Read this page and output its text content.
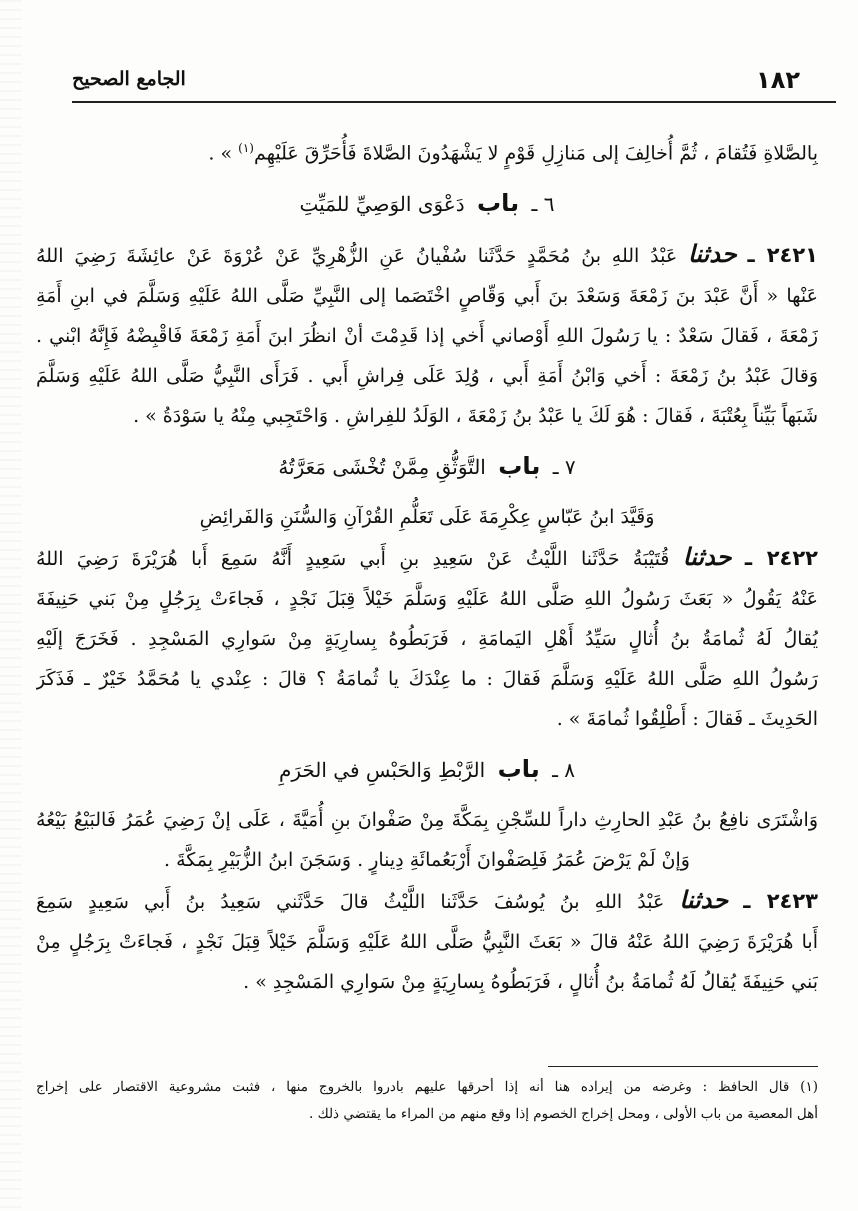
١٨٢
الجامع الصحيح
بِالصَّلاةِ فَتُقامَ ، ثُمَّ أُخالِفَ إلى مَنازِلِ قَوْمٍ لا يَشْهَدُونَ الصَّلاةَ فَأُحَرِّقَ عَلَيْهِم$^{(١)}$ » .
٦ ـ باب دَعْوَى الوَصِيِّ للمَيِّتِ
٢٤٢١ ـ حدثنا عَبْدُ اللهِ بنُ مُحَمَّدٍ حَدَّثَنا سُفْيانُ عَنِ الزُّهْرِيِّ عَنْ عُرْوَةَ عَنْ عائِشَةَ رَضِيَ اللهُ
عَنْها « أَنَّ عَبْدَ بنَ زَمْعَةَ وَسَعْدَ بنَ أَبي وَقّاصٍ اخْتَصَما إلى النَّبِيِّ صَلَّى اللهُ عَلَيْهِ وَسَلَّمَ في ابنِ أَمَةِ
زَمْعَةَ ، فَقالَ سَعْدٌ : يا رَسُولَ اللهِ أَوْصاني أَخي إذا قَدِمْتَ أنْ انظُرَ ابنَ أَمَةِ زَمْعَةَ فَاقْبِضْهُ فَإِنَّهُ ابْني .
وَقالَ عَبْدُ بنُ زَمْعَةَ : أَخي وَابْنُ أَمَةِ أَبي ، وُلِدَ عَلَى فِراشِ أَبي . فَرَأَى النَّبِيُّ صَلَّى اللهُ عَلَيْهِ وَسَلَّمَ
شَبَهاً بَيِّناً بِعُتْبَةَ ، فَقالَ : هُوَ لَكَ يا عَبْدُ بنُ زَمْعَةَ ، الوَلَدُ للفِراشِ . وَاحْتَجِبي مِنْهُ يا سَوْدَةُ » .
٧ ـ باب التَّوَثُّقِ مِمَّنْ تُخْشَى مَعَرَّتُهُ
وَقَيَّدَ ابنُ عَبّاسٍ عِكْرِمَةَ عَلَى تَعَلُّمِ القُرْآنِ وَالسُّنَنِ وَالفَرائِضِ
٢٤٢٢ ـ حدثنا قُتَيْبَةُ حَدَّثَنا اللَّيْثُ عَنْ سَعِيدِ بنِ أَبي سَعِيدٍ أَنَّهُ سَمِعَ أَبا هُرَيْرَةَ رَضِيَ اللهُ
عَنْهُ يَقُولُ « بَعَثَ رَسُولُ اللهِ صَلَّى اللهُ عَلَيْهِ وَسَلَّمَ خَيْلاً قِبَلَ نَجْدٍ ، فَجاءَتْ بِرَجُلٍ مِنْ بَني حَنِيفَةَ
يُقالُ لَهُ ثُمامَةُ بنُ أُثالٍ سَيِّدُ أَهْلِ اليَمامَةِ ، فَرَبَطُوهُ بِسارِيَةٍ مِنْ سَوارِي المَسْجِدِ . فَخَرَجَ إلَيْهِ
رَسُولُ اللهِ صَلَّى اللهُ عَلَيْهِ وَسَلَّمَ فَقالَ : ما عِنْدَكَ يا ثُمامَةُ ؟ قالَ : عِنْدي يا مُحَمَّدُ خَيْرٌ ـ فَذَكَرَ
الحَدِيثَ ـ فَقالَ : أَطْلِقُوا ثُمامَةَ » .
٨ ـ باب الرَّبْطِ وَالحَبْسِ في الحَرَمِ
وَاشْتَرَى نافِعُ بنُ عَبْدِ الحارِثِ داراً للسِّجْنِ بِمَكَّةَ مِنْ صَفْوانَ بنِ أُمَيَّةَ ، عَلَى إنْ رَضِيَ عُمَرُ فَالبَيْعُ بَيْعُهُ
وَإنْ لَمْ يَرْضَ عُمَرُ فَلِصَفْوانَ أَرْبَعُمائَةِ دِينارٍ . وَسَجَنَ ابنُ الزُّبَيْرِ بِمَكَّةَ .
٢٤٢٣ ـ حدثنا عَبْدُ اللهِ بنُ يُوسُفَ حَدَّثَنا اللَّيْثُ قالَ حَدَّثَني سَعِيدُ بنُ أَبي سَعِيدٍ سَمِعَ
أَبا هُرَيْرَةَ رَضِيَ اللهُ عَنْهُ قالَ « بَعَثَ النَّبِيُّ صَلَّى اللهُ عَلَيْهِ وَسَلَّمَ خَيْلاً قِبَلَ نَجْدٍ ، فَجاءَتْ بِرَجُلٍ مِنْ
بَني حَنِيفَةَ يُقالُ لَهُ ثُمامَةُ بنُ أُثالٍ ، فَرَبَطُوهُ بِسارِيَةٍ مِنْ سَوارِي المَسْجِدِ » .
(١) قال الحافظ : وغرضه من إيراده هنا أنه إذا أحرقها عليهم بادروا بالخروج منها ، فثبت مشروعية الاقتصار على إخراج
أهل المعصية من باب الأولى ، ومحل إخراج الخصوم إذا وقع منهم من المراء ما يقتضي ذلك .
